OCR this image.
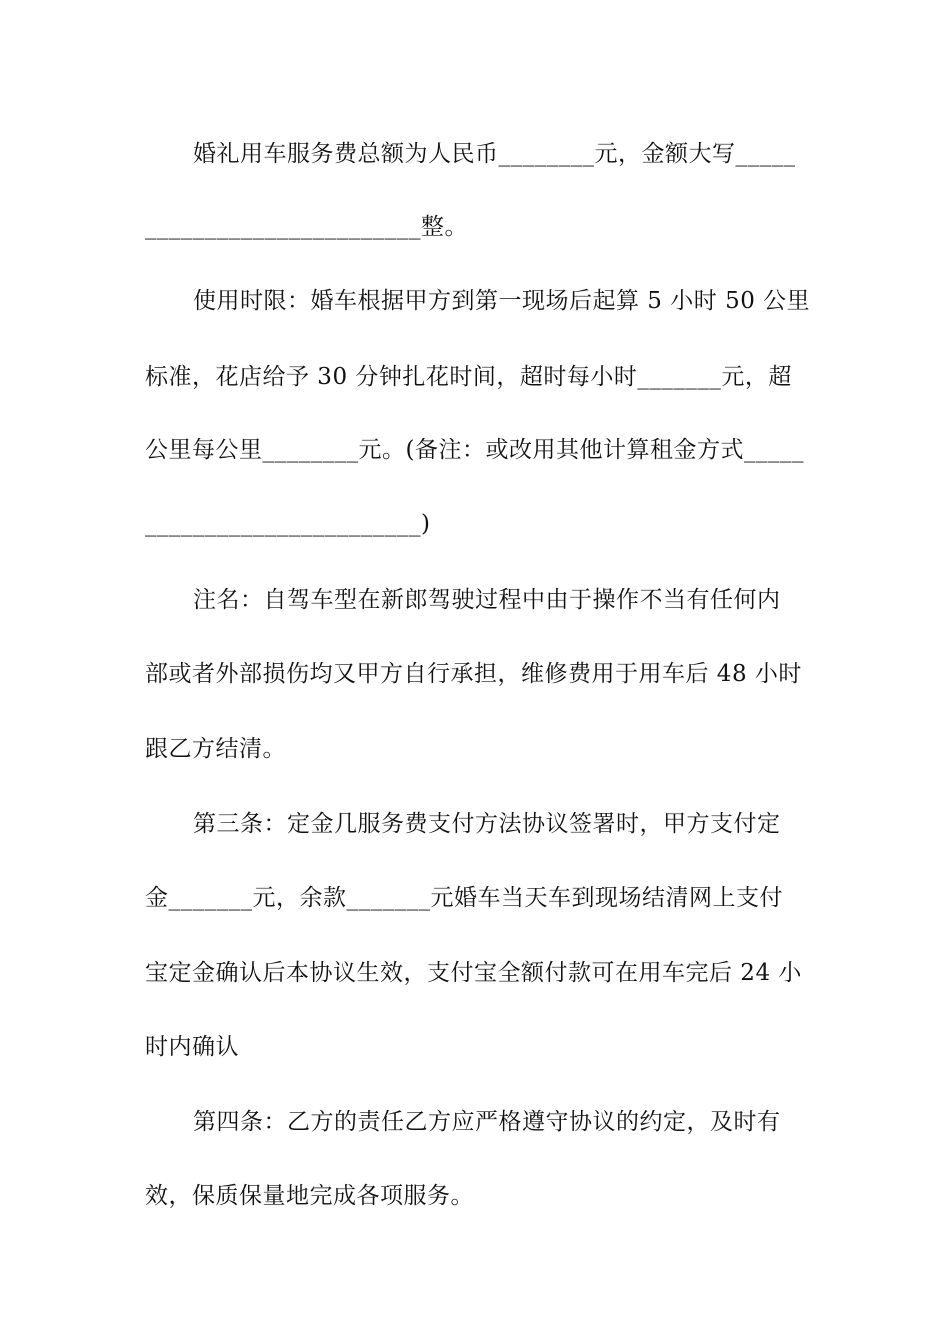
婚礼用车服务费总额为人民币________元，金额大写_____
_______________________整。
使用时限：婚车根据甲方到第一现场后起算 5 小时 50 公里
标准，花店给予 30 分钟扎花时间，超时每小时_______元，超
公里每公里________元。(备注：或改用其他计算租金方式_____
_______________________)
注名：自驾车型在新郎驾驶过程中由于操作不当有任何内
部或者外部损伤均又甲方自行承担，维修费用于用车后 48 小时
跟乙方结清。
第三条：定金几服务费支付方法协议签署时，甲方支付定
金_______元，余款_______元婚车当天车到现场结清网上支付
宝定金确认后本协议生效，支付宝全额付款可在用车完后 24 小
时内确认
第四条：乙方的责任乙方应严格遵守协议的约定，及时有
效，保质保量地完成各项服务。
